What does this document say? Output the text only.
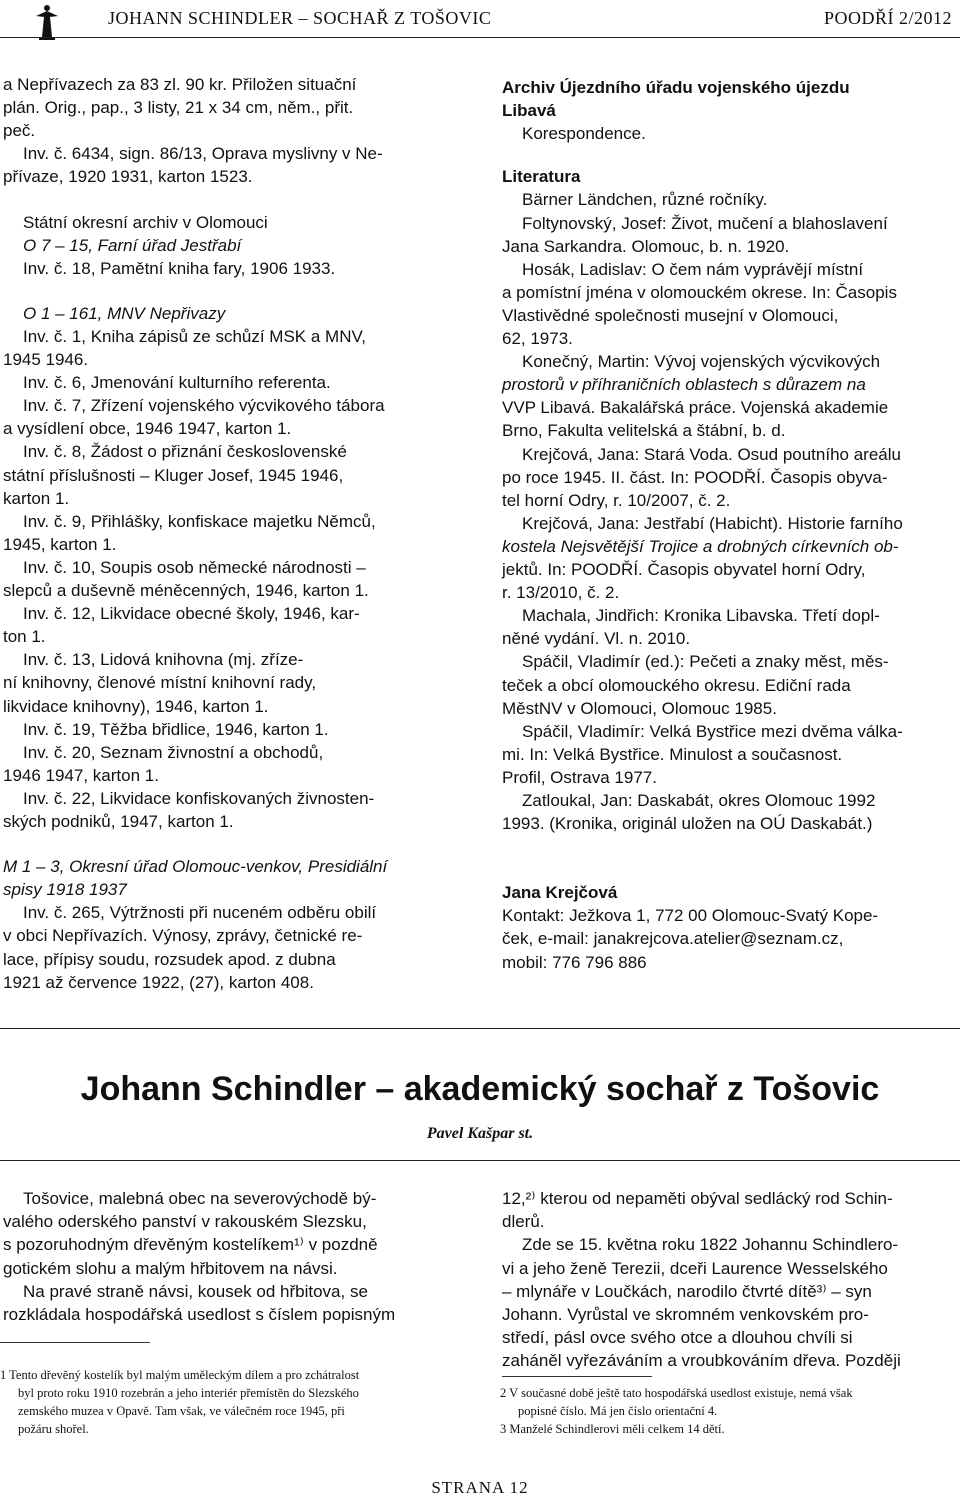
JOHANN SCHINDLER – SOCHAŘ Z TOŠOVIC	POODŘÍ 2/2012
a Nepřívazech za 83 zl. 90 kr. Přiložen situační
plán. Orig., pap., 3 listy, 21 x 34 cm, něm., přit.
peč.
Inv. č. 6434, sign. 86/13, Oprava myslivny v Ne-
přívaze, 1920 1931, karton 1523.
Státní okresní archiv v Olomouci
O 7 – 15, Farní úřad Jestřabí
Inv. č. 18, Pamětní kniha fary, 1906 1933.
O 1 – 161, MNV Nepřivazy
Inv. č. 1, Kniha zápisů ze schůzí MSK a MNV,
1945 1946.
Inv. č. 6, Jmenování kulturního referenta.
Inv. č. 7, Zřízení vojenského výcvikového tábora
a vysídlení obce, 1946 1947, karton 1.
Inv. č. 8, Žádost o přiznání československé
státní příslušnosti – Kluger Josef, 1945 1946,
karton 1.
Inv. č. 9, Přihlášky, konfiskace majetku Němců,
1945, karton 1.
Inv. č. 10, Soupis osob německé národnosti –
slepců a duševně méněcenných, 1946, karton 1.
Inv. č. 12, Likvidace obecné školy, 1946, kar-
ton 1.
Inv. č. 13, Lidová knihovna (mj. zříze-
ní knihovny, členové místní knihovní rady,
likvidace knihovny), 1946, karton 1.
Inv. č. 19, Těžba břidlice, 1946, karton 1.
Inv. č. 20, Seznam živnostní a obchodů,
1946 1947, karton 1.
Inv. č. 22, Likvidace konfiskovaných živnosten-
ských podniků, 1947, karton 1.
M 1 – 3, Okresní úřad Olomouc-venkov, Presidiální
spisy 1918 1937
Inv. č. 265, Výtržnosti při nuceném odběru obilí
v obci Nepřívazích. Výnosy, zprávy, četnické re-
lace, přípisy soudu, rozsudek apod. z dubna
1921 až července 1922, (27), karton 408.
Archiv Újezdního úřadu vojenského újezdu
Libavá
Korespondence.
Literatura
Bärner Ländchen, různé ročníky.
Foltynovský, Josef: Život, mučení a blahoslavení
Jana Sarkandra. Olomouc, b. n. 1920.
Hosák, Ladislav: O čem nám vyprávějí místní
a pomístní jména v olomouckém okrese. In: Časopis
Vlastivědné společnosti musejní v Olomouci,
62, 1973.
Konečný, Martin: Vývoj vojenských výcvikových
prostorů v příhraničních oblastech s důrazem na
VVP Libavá. Bakalářská práce. Vojenská akademie
Brno, Fakulta velitelská a štábní, b. d.
Krejčová, Jana: Stará Voda. Osud poutního areálu
po roce 1945. II. část. In: POODŘÍ. Časopis obyva-
tel horní Odry, r. 10/2007, č. 2.
Krejčová, Jana: Jestřabí (Habicht). Historie farního
kostela Nejsvětější Trojice a drobných církevních ob-
jektů. In: POODŘÍ. Časopis obyvatel horní Odry,
r. 13/2010, č. 2.
Machala, Jindřich: Kronika Libavska. Třetí dopl-
něné vydání. Vl. n. 2010.
Spáčil, Vladimír (ed.): Pečeti a znaky měst, měs-
teček a obcí olomouckého okresu. Ediční rada
MěstNV v Olomouci, Olomouc 1985.
Spáčil, Vladimír: Velká Bystřice mezi dvěma válka-
mi. In: Velká Bystřice. Minulost a současnost.
Profil, Ostrava 1977.
Zatloukal, Jan: Daskabát, okres Olomouc 1992
1993. (Kronika, originál uložen na OÚ Daskabát.)
Jana Krejčová
Kontakt: Ježkova 1, 772 00 Olomouc-Svatý Kope-
ček, e-mail: janakrejcova.atelier@seznam.cz,
mobil: 776 796 886
Johann Schindler – akademický sochař z Tošovic
Pavel Kašpar st.
Tošovice, malebná obec na severovýchodě bý-
valého oderského panství v rakouském Slezsku,
s pozoruhodným dřevěným kostelíkem¹⁾ v pozdně
gotickém slohu a malým hřbitovem na návsi.
Na pravé straně návsi, kousek od hřbitova, se
rozkládala hospodářská usedlost s číslem popisným
12,²⁾ kterou od nepaměti obýval sedlácký rod Schin-
dlerů.
Zde se 15. května roku 1822 Johannu Schindlero-
vi a jeho ženě Terezii, dceři Laurence Wesselského
– mlynáře v Loučkách, narodilo čtvrté dítě³⁾ – syn
Johann. Vyrůstal ve skromném venkovském pro-
středí, pásl ovce svého otce a dlouhou chvíli si
zaháněl vyřezáváním a vroubkováním dřeva. Později
1 Tento dřevěný kostelík byl malým uměleckým dílem a pro zchátralost
byl proto roku 1910 rozebrán a jeho interiér přemístěn do Slezského
zemského muzea v Opavě. Tam však, ve válečném roce 1945, při
požáru shořel.
2 V současné době ještě tato hospodářská usedlost existuje, nemá však
popisné číslo. Má jen číslo orientační 4.
3 Manželé Schindlerovi měli celkem 14 dětí.
STRANA 12
